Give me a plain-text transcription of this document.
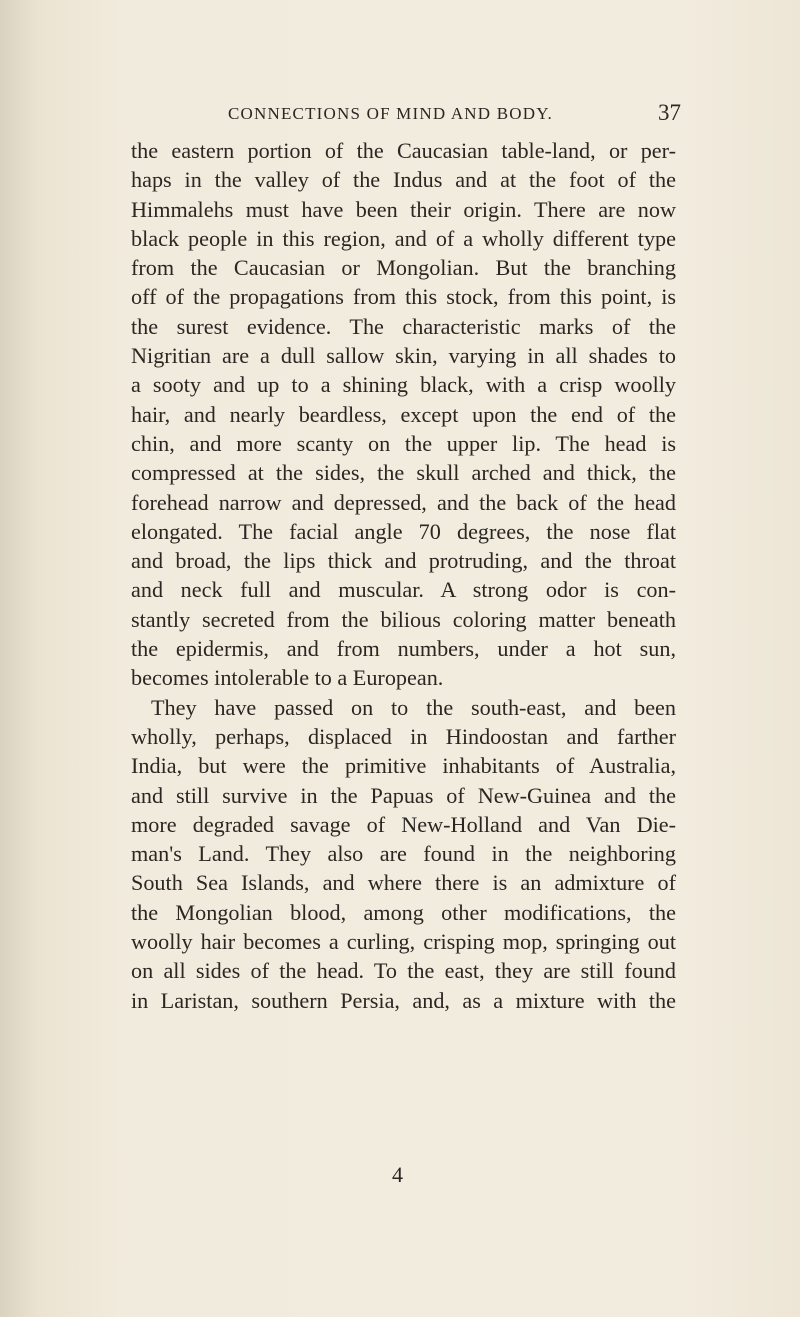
CONNECTIONS OF MIND AND BODY.	37
the eastern portion of the Caucasian table-land, or per-
haps in the valley of the Indus and at the foot of the
Himmalehs must have been their origin. There are now
black people in this region, and of a wholly different type
from the Caucasian or Mongolian. But the branching
off of the propagations from this stock, from this point, is
the surest evidence. The characteristic marks of the
Nigritian are a dull sallow skin, varying in all shades to
a sooty and up to a shining black, with a crisp woolly
hair, and nearly beardless, except upon the end of the
chin, and more scanty on the upper lip. The head is
compressed at the sides, the skull arched and thick, the
forehead narrow and depressed, and the back of the head
elongated. The facial angle 70 degrees, the nose flat
and broad, the lips thick and protruding, and the throat
and neck full and muscular. A strong odor is con-
stantly secreted from the bilious coloring matter beneath
the epidermis, and from numbers, under a hot sun,
becomes intolerable to a European.
They have passed on to the south-east, and been
wholly, perhaps, displaced in Hindoostan and farther
India, but were the primitive inhabitants of Australia,
and still survive in the Papuas of New-Guinea and the
more degraded savage of New-Holland and Van Die-
man's Land. They also are found in the neighboring
South Sea Islands, and where there is an admixture of
the Mongolian blood, among other modifications, the
woolly hair becomes a curling, crisping mop, springing out
on all sides of the head. To the east, they are still found
in Laristan, southern Persia, and, as a mixture with the
4
